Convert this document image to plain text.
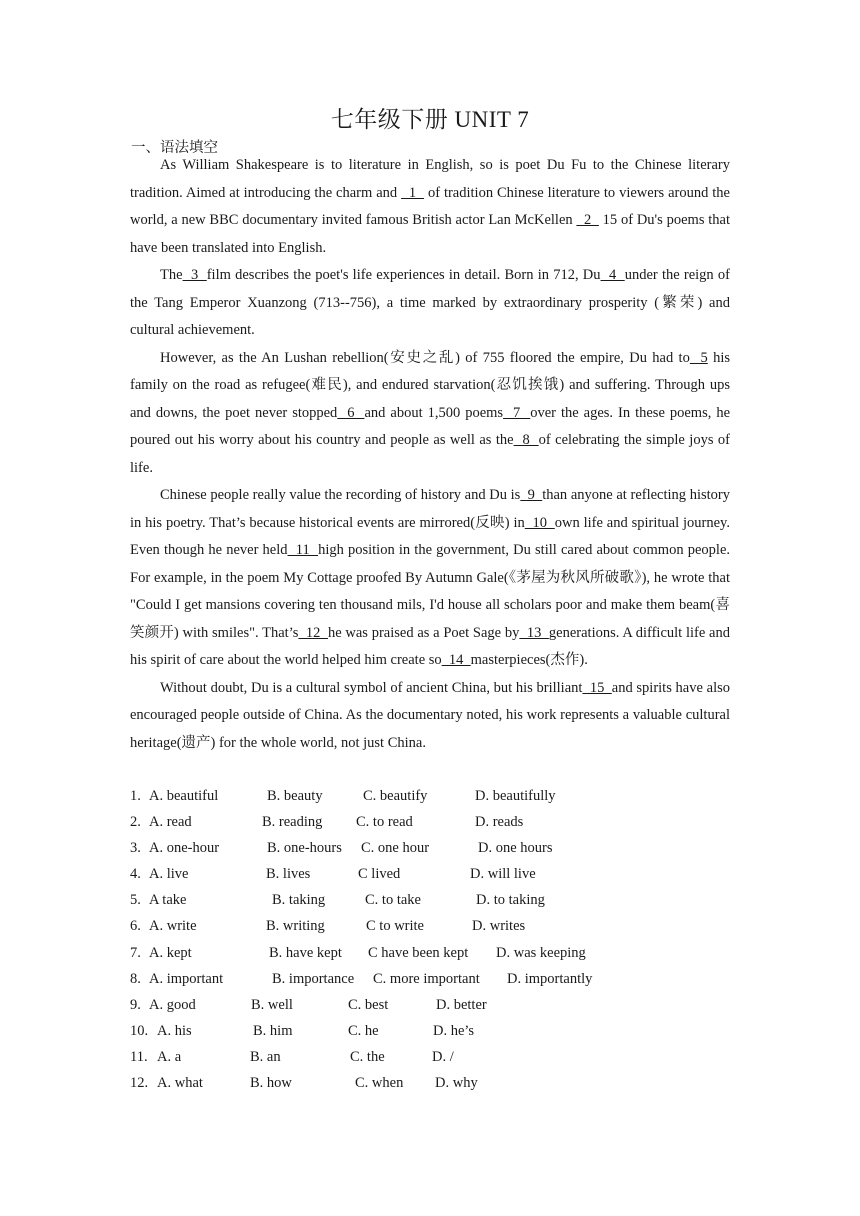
七年级下册 UNIT 7
一、语法填空

As William Shakespeare is to literature in English, so is poet Du Fu to the Chinese literary tradition. Aimed at introducing the charm and   1   of tradition Chinese literature to viewers around the world, a new BBC documentary invited famous British actor Lan McKellen   2   15 of Du's poems that have been translated into English.

The  3  film describes the poet's life experiences in detail. Born in 712, Du  4  under the reign of the Tang Emperor Xuanzong (713--756), a time marked by extraordinary prosperity (繁荣) and cultural achievement.

However, as the An Lushan rebellion(安史之乱) of 755 floored the empire, Du had to  5 his family on the road as refugee(难民), and endured starvation(忍饥挨饿) and suffering. Through ups and downs, the poet never stopped  6  and about 1,500 poems  7  over the ages. In these poems, he poured out his worry about his country and people as well as the  8  of celebrating the simple joys of life.

Chinese people really value the recording of history and Du is  9  than anyone at reflecting history in his poetry. That’s because historical events are mirrored(反映) in  10  own life and spiritual journey. Even though he never held  11  high position in the government, Du still cared about common people. For example, in the poem My Cottage proofed By Autumn Gale(《茅屋为秋风所破歌》), he wrote that "Could I get mansions covering ten thousand mils, I'd house all scholars poor and make them beam(喜笑颜开) with smiles". That’s  12  he was praised as a Poet Sage by  13  generations. A difficult life and his spirit of care about the world helped him create so  14  masterpieces(杰作).

Without doubt, Du is a cultural symbol of ancient China, but his brilliant  15  and spirits have also encouraged people outside of China. As the documentary noted, his work represents a valuable cultural heritage(遗产) for the whole world, not just China.

1. A. beautiful	B. beauty	C. beautify	D. beautifully
2. A. read	B. reading C. to read	D. reads
3. A. one-hour	B. one-hours C. one hour	D. one hours
4. A. live	B. lives	C lived	D. will live
5. A take	B. taking	C. to take	D. to taking
6. A. write	B. writing	C to write	D. writes
7. A. kept	B. have kept C have been kept D. was keeping
8. A. important	B. importance C. more important D. importantly
9. A. good	B. well	C. best	D. better
10. A. his	B. him	C. he	D. he’s
11. A. a	B. an	C. the	D. /
12. A. what	B. how	C. when D. why
